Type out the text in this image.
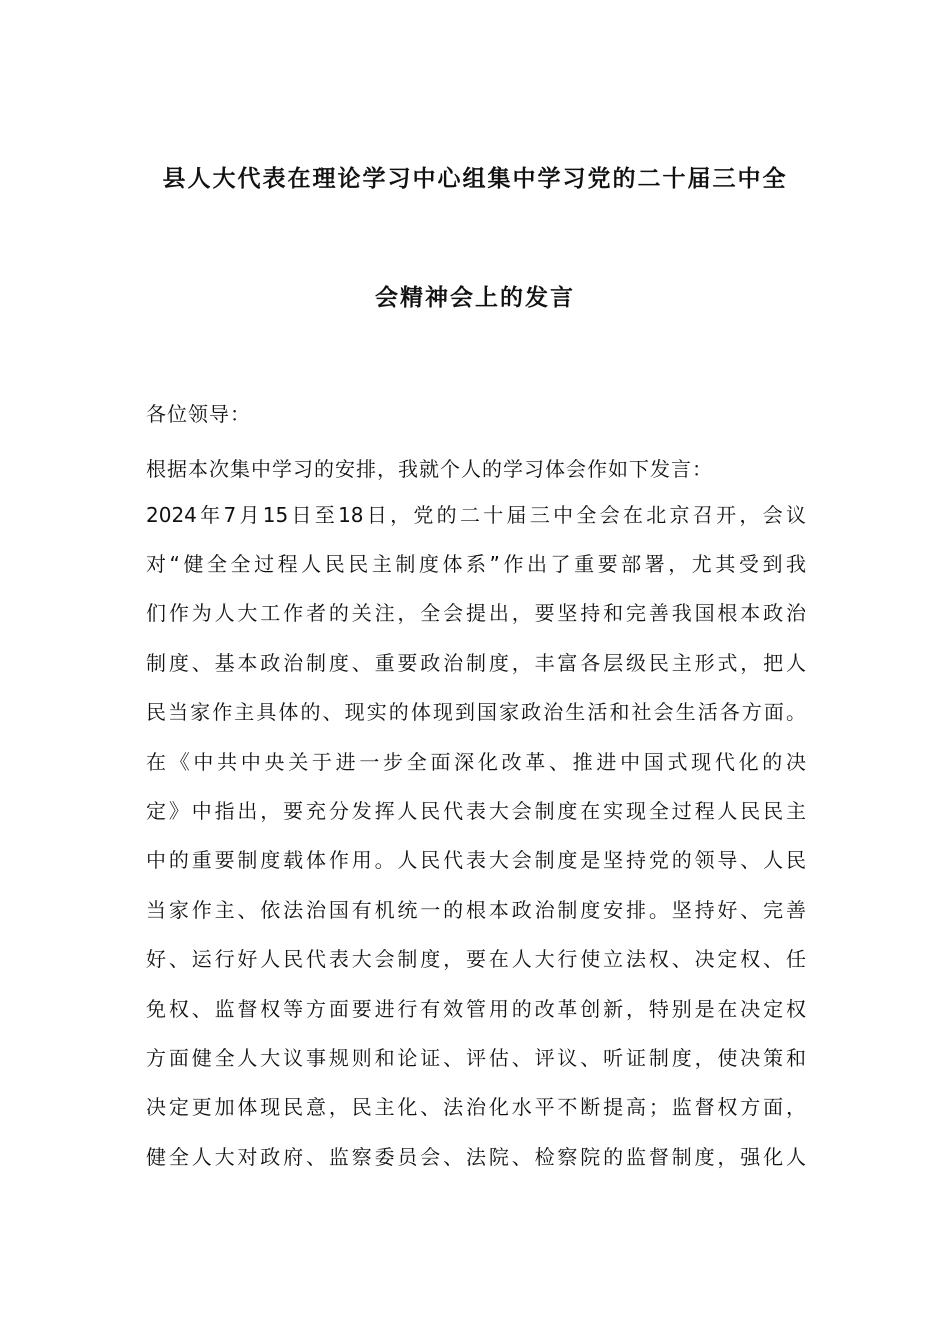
县人大代表在理论学习中心组集中学习党的二十届三中全
会精神会上的发言
各位领导：
根据本次集中学习的安排，我就个人的学习体会作如下发言：
2024年7月15日至18日，党的二十届三中全会在北京召开，会议
对“健全全过程人民民主制度体系”作出了重要部署，尤其受到我
们作为人大工作者的关注，全会提出，要坚持和完善我国根本政治
制度、基本政治制度、重要政治制度，丰富各层级民主形式，把人
民当家作主具体的、现实的体现到国家政治生活和社会生活各方面。
在《中共中央关于进一步全面深化改革、推进中国式现代化的决
定》中指出，要充分发挥人民代表大会制度在实现全过程人民民主
中的重要制度载体作用。人民代表大会制度是坚持党的领导、人民
当家作主、依法治国有机统一的根本政治制度安排。坚持好、完善
好、运行好人民代表大会制度，要在人大行使立法权、决定权、任
免权、监督权等方面要进行有效管用的改革创新，特别是在决定权
方面健全人大议事规则和论证、评估、评议、听证制度，使决策和
决定更加体现民意，民主化、法治化水平不断提高；监督权方面，
健全人大对政府、监察委员会、法院、检察院的监督制度，强化人
